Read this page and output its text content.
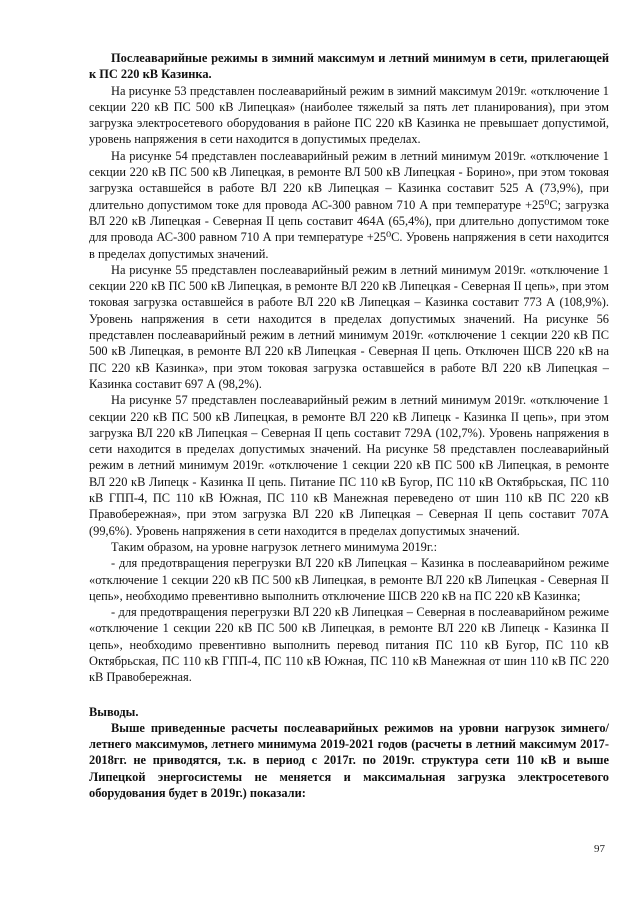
Послеаварийные режимы в зимний максимум и летний минимум в сети, прилегающей к ПС 220 кВ Казинка.

На рисунке 53 представлен послеаварийный режим в зимний максимум 2019г. «отключение 1 секции 220 кВ ПС 500 кВ Липецкая» (наиболее тяжелый за пять лет планирования), при этом загрузка электросетевого оборудования в районе ПС 220 кВ Казинка не превышает допустимой, уровень напряжения в сети находится в допустимых пределах.

На рисунке 54 представлен послеаварийный режим в летний минимум 2019г. «отключение 1 секции 220 кВ ПС 500 кВ Липецкая, в ремонте ВЛ 500 кВ Липецкая - Борино», при этом токовая загрузка оставшейся в работе ВЛ 220 кВ Липецкая – Казинка составит 525 А (73,9%), при длительно допустимом токе для провода АС-300 равном 710 А при температуре +25⁰С; загрузка ВЛ 220 кВ Липецкая - Северная II цепь составит 464А (65,4%), при длительно допустимом токе для провода АС-300 равном 710 А при температуре +25⁰С. Уровень напряжения в сети находится в пределах допустимых значений.

На рисунке 55 представлен послеаварийный режим в летний минимум 2019г. «отключение 1 секции 220 кВ ПС 500 кВ Липецкая, в ремонте ВЛ 220 кВ Липецкая - Северная II цепь», при этом токовая загрузка оставшейся в работе ВЛ 220 кВ Липецкая – Казинка составит 773 А (108,9%). Уровень напряжения в сети находится в пределах допустимых значений. На рисунке 56 представлен послеаварийный режим в летний минимум 2019г. «отключение 1 секции 220 кВ ПС 500 кВ Липецкая, в ремонте ВЛ 220 кВ Липецкая - Северная II цепь. Отключен ШСВ 220 кВ на ПС 220 кВ Казинка», при этом токовая загрузка оставшейся в работе ВЛ 220 кВ Липецкая – Казинка составит 697 А (98,2%).

На рисунке 57 представлен послеаварийный режим в летний минимум 2019г. «отключение 1 секции 220 кВ ПС 500 кВ Липецкая, в ремонте ВЛ 220 кВ Липецк - Казинка II цепь», при этом загрузка ВЛ 220 кВ Липецкая – Северная II цепь составит 729А (102,7%). Уровень напряжения в сети находится в пределах допустимых значений. На рисунке 58 представлен послеаварийный режим в летний минимум 2019г. «отключение 1 секции 220 кВ ПС 500 кВ Липецкая, в ремонте ВЛ 220 кВ Липецк - Казинка II цепь. Питание ПС 110 кВ Бугор, ПС 110 кВ Октябрьская, ПС 110 кВ ГПП-4, ПС 110 кВ Южная, ПС 110 кВ Манежная переведено от шин 110 кВ ПС 220 кВ Правобережная», при этом загрузка ВЛ 220 кВ Липецкая – Северная II цепь составит 707А (99,6%). Уровень напряжения в сети находится в пределах допустимых значений.

Таким образом, на уровне нагрузок летнего минимума 2019г.:

- для предотвращения перегрузки ВЛ 220 кВ Липецкая – Казинка в послеаварийном режиме «отключение 1 секции 220 кВ ПС 500 кВ Липецкая, в ремонте ВЛ 220 кВ Липецкая - Северная II цепь», необходимо превентивно выполнить отключение ШСВ 220 кВ на ПС 220 кВ Казинка;

- для предотвращения перегрузки ВЛ 220 кВ Липецкая – Северная в послеаварийном режиме «отключение 1 секции 220 кВ ПС 500 кВ Липецкая, в ремонте ВЛ 220 кВ Липецк - Казинка II цепь», необходимо превентивно выполнить перевод питания ПС 110 кВ Бугор, ПС 110 кВ Октябрьская, ПС 110 кВ ГПП-4, ПС 110 кВ Южная, ПС 110 кВ Манежная от шин 110 кВ ПС 220 кВ Правобережная.

Выводы.

Выше приведенные расчеты послеаварийных режимов на уровни нагрузок зимнего/летнего максимумов, летнего минимума 2019-2021 годов (расчеты в летний максимум 2017-2018гг. не приводятся, т.к. в период с 2017г. по 2019г. структура сети 110 кВ и выше Липецкой энергосистемы не меняется и максимальная загрузка электросетевого оборудования будет в 2019г.) показали:

97
